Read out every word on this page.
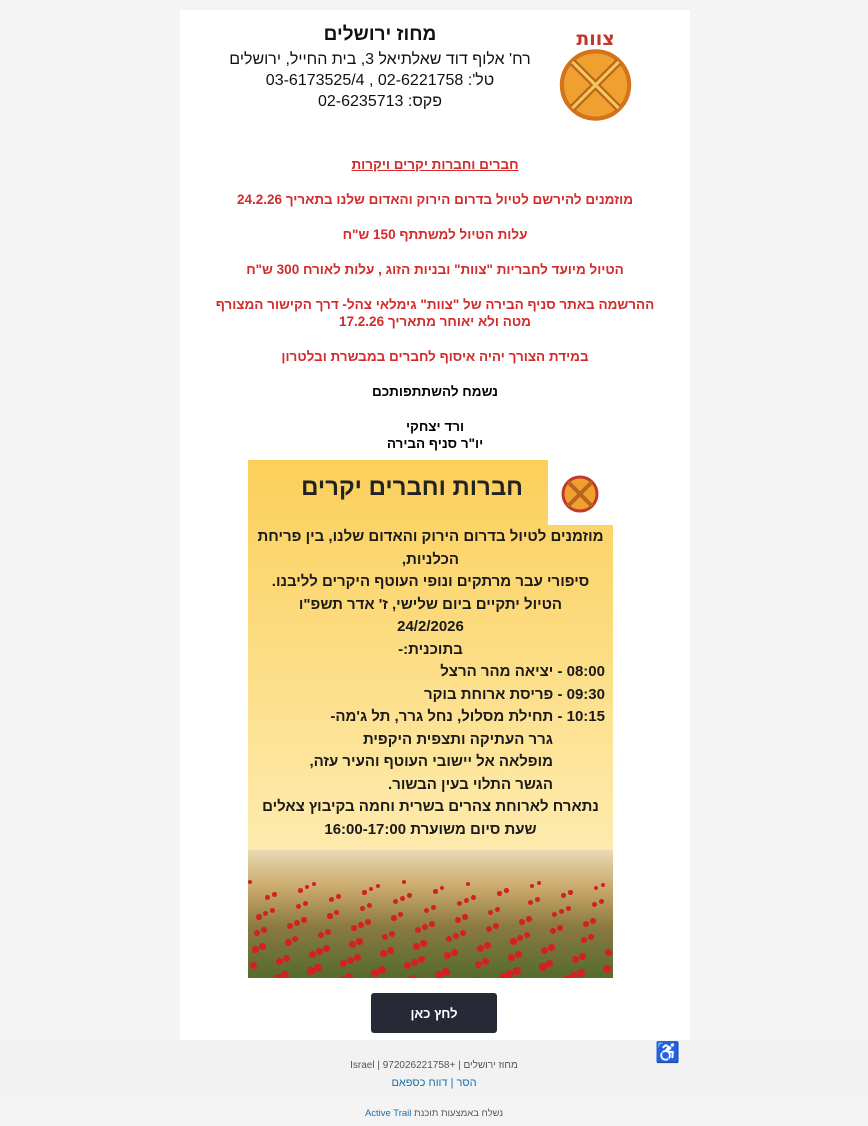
צוות
מחוז ירושלים
רח' אלוף דוד שאלתיאל 3, בית החייל, ירושלים
טל': 02-6221758 , 03-6173525/4
פקס: 02-6235713

חברים וחברות יקרים ויקרות

מוזמנים להירשם לטיול בדרום הירוק והאדום שלנו בתאריך 24.2.26

עלות הטיול למשתתף 150 ש"ח

הטיול מיועד לחבריות "צוות" ובניות הזוג , עלות לאורח 300 ש"ח

ההרשמה באתר סניף הבירה של "צוות" גימלאי צהל- דרך הקישור המצורף
מטה ולא יאוחר מתאריך 17.2.26

במידת הצורך יהיה איסוף לחברים במבשרת ובלטרון

נשמח להשתתפותכם

ורד יצחקי
יו"ר סניף הבירה

חברות וחברים יקרים
מוזמנים לטיול בדרום הירוק והאדום שלנו, בין פריחת
הכלניות,
סיפורי עבר מרתקים ונופי העוטף היקרים לליבנו.
הטיול יתקיים ביום שלישי, ז' אדר תשפ"ו
24/2/2026
בתוכנית:-
08:00 - יציאה מהר הרצל
09:30 - פריסת ארוחת בוקר
10:15 - תחילת מסלול, נחל גרר, תל ג'מה-
גרר העתיקה ותצפית היקפית
מופלאה אל יישובי העוטף והעיר עזה,
הגשר התלוי בעין הבשור.
נתארח לארוחת צהרים בשרית וחמה בקיבוץ צאלים
שעת סיום משוערת 16:00-17:00
לחץ כאן
♿
מחוז ירושלים | +972026221758 | Israel
הסר | דווח כספאם
נשלח באמצעות תוכנת Active Trail
